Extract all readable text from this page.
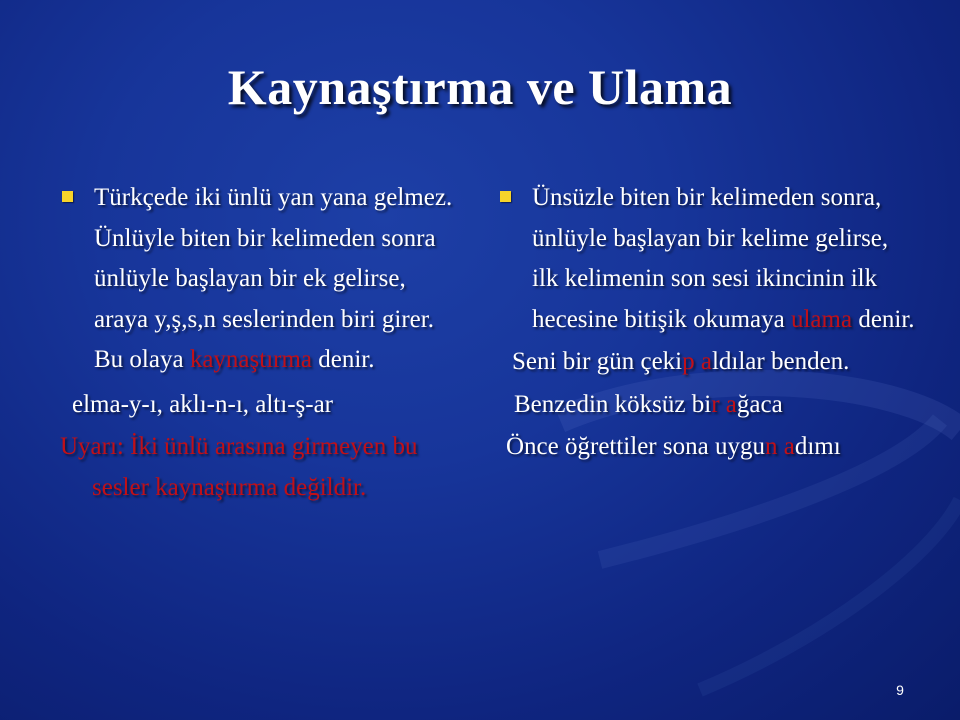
Kaynaştırma ve Ulama
Türkçede iki ünlü yan yana gelmez. Ünlüyle biten bir kelimeden sonra ünlüyle başlayan bir ek gelirse, araya y,ş,s,n seslerinden biri girer. Bu olaya kaynaştırma denir.
elma-y-ı, aklı-n-ı, altı-ş-ar
Uyarı: İki ünlü arasına girmeyen bu sesler kaynaştırma değildir.
Ünsüzle biten bir kelimeden sonra, ünlüyle başlayan bir kelime gelirse, ilk kelimenin son sesi ikincinin ilk hecesine bitişik okumaya ulama denir.
Seni bir gün çekip aldılar benden.
Benzedin köksüz bir ağaca
Önce öğrettiler sona uygun adımı
9
